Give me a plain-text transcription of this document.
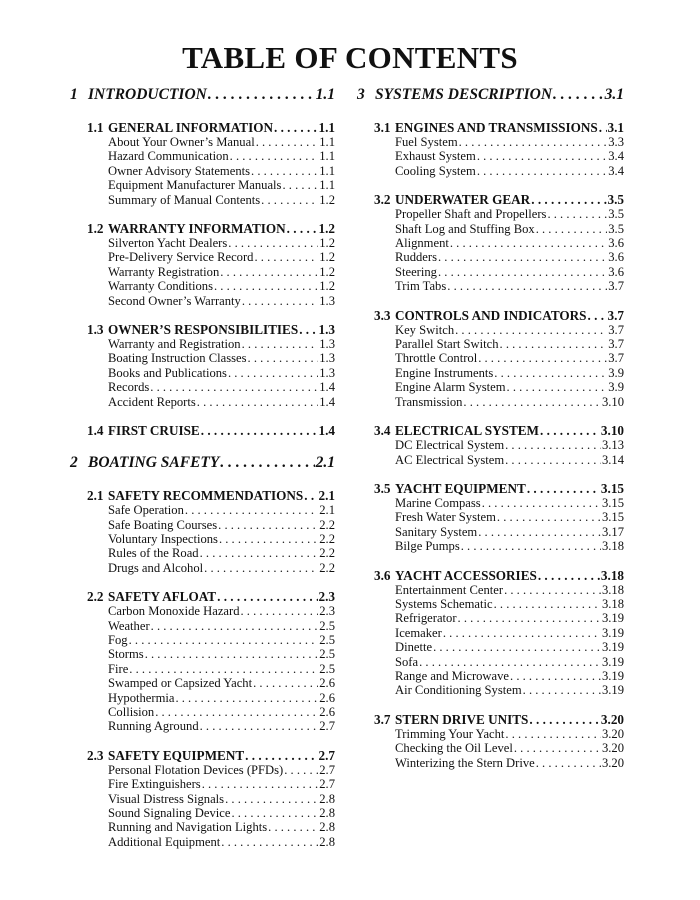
TABLE OF CONTENTS
1 INTRODUCTION . . .	1.1
1.1 GENERAL INFORMATION . . .	1.1
About Your Owner’s Manual . . .	1.1
Hazard Communication . . .	1.1
Owner Advisory Statements . . .	1.1
Equipment Manufacturer Manuals . . .	1.1
Summary of Manual Contents . . .	1.2
1.2 WARRANTY INFORMATION . . . 1.2
Silverton Yacht Dealers . . .	1.2
Pre-Delivery Service Record . . .	1.2
Warranty Registration . . .	1.2
Warranty Conditions . . .	1.2
Second Owner’s Warranty . . .	1.3
1.3 OWNER’S RESPONSIBILITIES . . . 1.3
Warranty and Registration . . .	1.3
Boating Instruction Classes . . .	1.3
Books and Publications . . .	1.3
Records . . .	1.4
Accident Reports . . .	1.4
1.4 FIRST CRUISE . . .	1.4
2 BOATING SAFETY . . .	2.1
2.1 SAFETY RECOMMENDATIONS . . . 2.1
Safe Operation . . .	2.1
Safe Boating Courses . . .	2.2
Voluntary Inspections . . .	2.2
Rules of the Road . . .	2.2
Drugs and Alcohol . . .	2.2
2.2 SAFETY AFLOAT . . .	2.3
Carbon Monoxide Hazard . . .	2.3
Weather . . .	2.5
Fog . . .	2.5
Storms . . .	2.5
Fire . . .	2.5
Swamped or Capsized Yacht . . .	2.6
Hypothermia . . .	2.6
Collision . . .	2.6
Running Aground . . .	2.7
2.3 SAFETY EQUIPMENT . . .	2.7
Personal Flotation Devices (PFDs) . . .	2.7
Fire Extinguishers . . .	2.7
Visual Distress Signals . . .	2.8
Sound Signaling Device . . .	2.8
Running and Navigation Lights . . .	2.8
Additional Equipment . . .	2.8
3 SYSTEMS DESCRIPTION . . .	3.1
3.1 ENGINES AND TRANSMISSIONS . . . 3.1
Fuel System . . .	3.3
Exhaust System . . .	3.4
Cooling System . . .	3.4
3.2 UNDERWATER GEAR . . .	3.5
Propeller Shaft and Propellers . . .	3.5
Shaft Log and Stuffing Box . . .	3.5
Alignment . . .	3.6
Rudders . . .	3.6
Steering . . .	3.6
Trim Tabs . . .	3.7
3.3 CONTROLS AND INDICATORS . . . 3.7
Key Switch . . .	3.7
Parallel Start Switch . . .	3.7
Throttle Control . . .	3.7
Engine Instruments . . .	3.9
Engine Alarm System . . .	3.9
Transmission . . .	3.10
3.4 ELECTRICAL SYSTEM . . .	3.10
DC Electrical System . . .	3.13
AC Electrical System . . .	3.14
3.5 YACHT EQUIPMENT . . .	3.15
Marine Compass . . .	3.15
Fresh Water System . . .	3.15
Sanitary System . . .	3.17
Bilge Pumps . . .	3.18
3.6 YACHT ACCESSORIES . . .	3.18
Entertainment Center . . .	3.18
Systems Schematic . . .	3.18
Refrigerator . . .	3.19
Icemaker . . .	3.19
Dinette . . .	3.19
Sofa . . .	3.19
Range and Microwave . . .	3.19
Air Conditioning System . . .	3.19
3.7 STERN DRIVE UNITS . . .	3.20
Trimming Your Yacht . . .	3.20
Checking the Oil Level . . .	3.20
Winterizing the Stern Drive . . .	3.20
